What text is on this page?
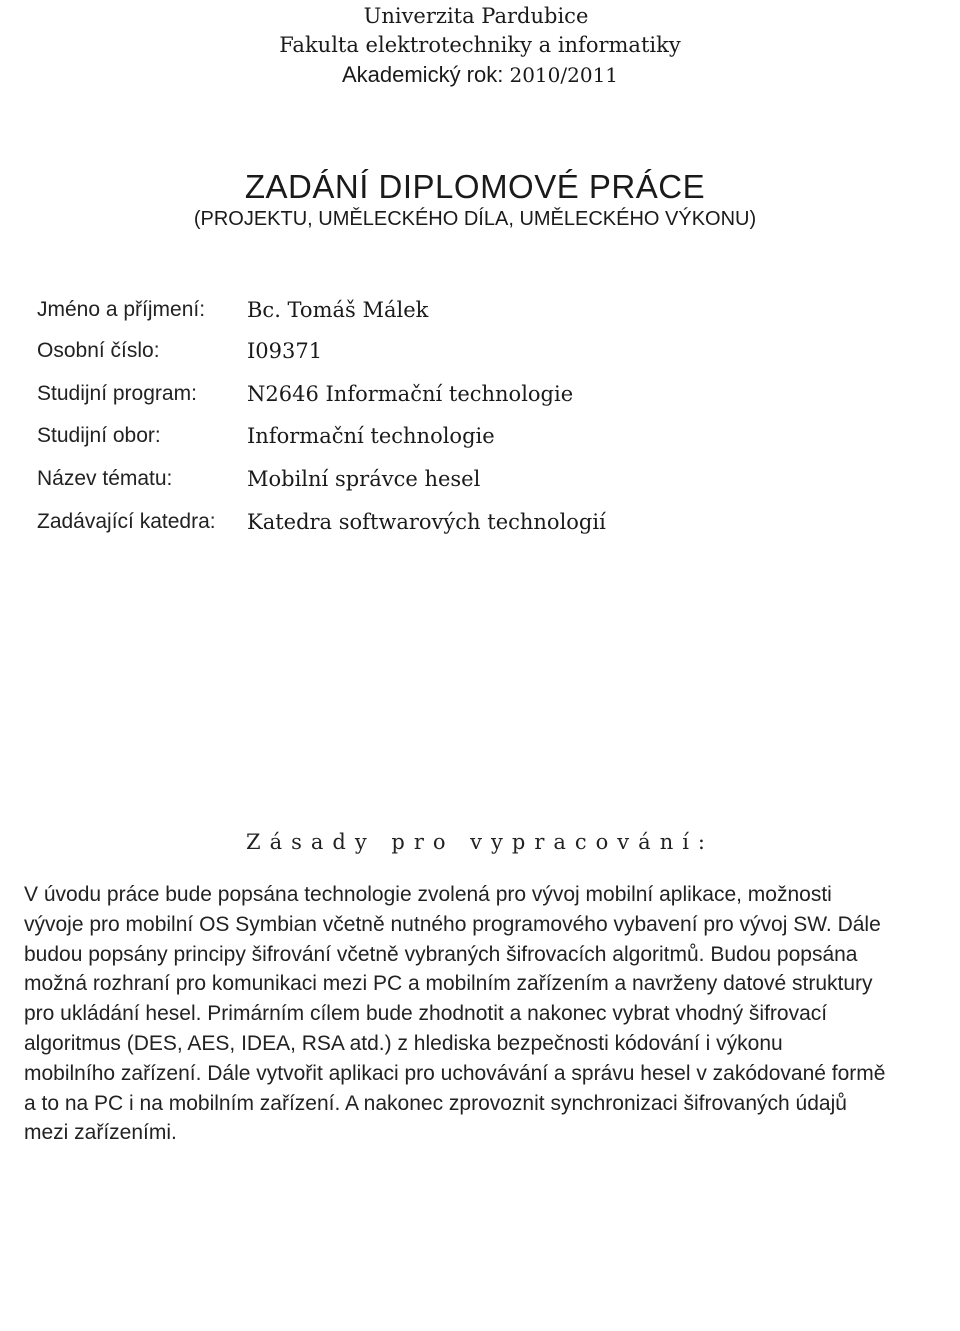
Univerzita Pardubice
Fakulta elektrotechniky a informatiky
Akademický rok: 2010/2011
ZADÁNÍ DIPLOMOVÉ PRÁCE
(PROJEKTU, UMĚLECKÉHO DÍLA, UMĚLECKÉHO VÝKONU)
Jméno a příjmení: Bc. Tomáš Málek
Osobní číslo:	I09371
Studijní program: N2646 Informační technologie
Studijní obor:	Informační technologie
Název tématu:	Mobilní správce hesel
Zadávající katedra: Katedra softwarových technologií
Zásady pro vypracování:
V úvodu práce bude popsána technologie zvolená pro vývoj mobilní aplikace, možnosti
vývoje pro mobilní OS Symbian včetně nutného programového vybavení pro vývoj SW. Dále
budou popsány principy šifrování včetně vybraných šifrovacích algoritmů. Budou popsána
možná rozhraní pro komunikaci mezi PC a mobilním zařízením a navrženy datové struktury
pro ukládání hesel. Primárním cílem bude zhodnotit a nakonec vybrat vhodný šifrovací
algoritmus (DES, AES, IDEA, RSA atd.) z hlediska bezpečnosti kódování i výkonu
mobilního zařízení. Dále vytvořit aplikaci pro uchovávání a správu hesel v zakódované formě
a to na PC i na mobilním zařízení. A nakonec zprovoznit synchronizaci šifrovaných údajů
mezi zařízeními.
